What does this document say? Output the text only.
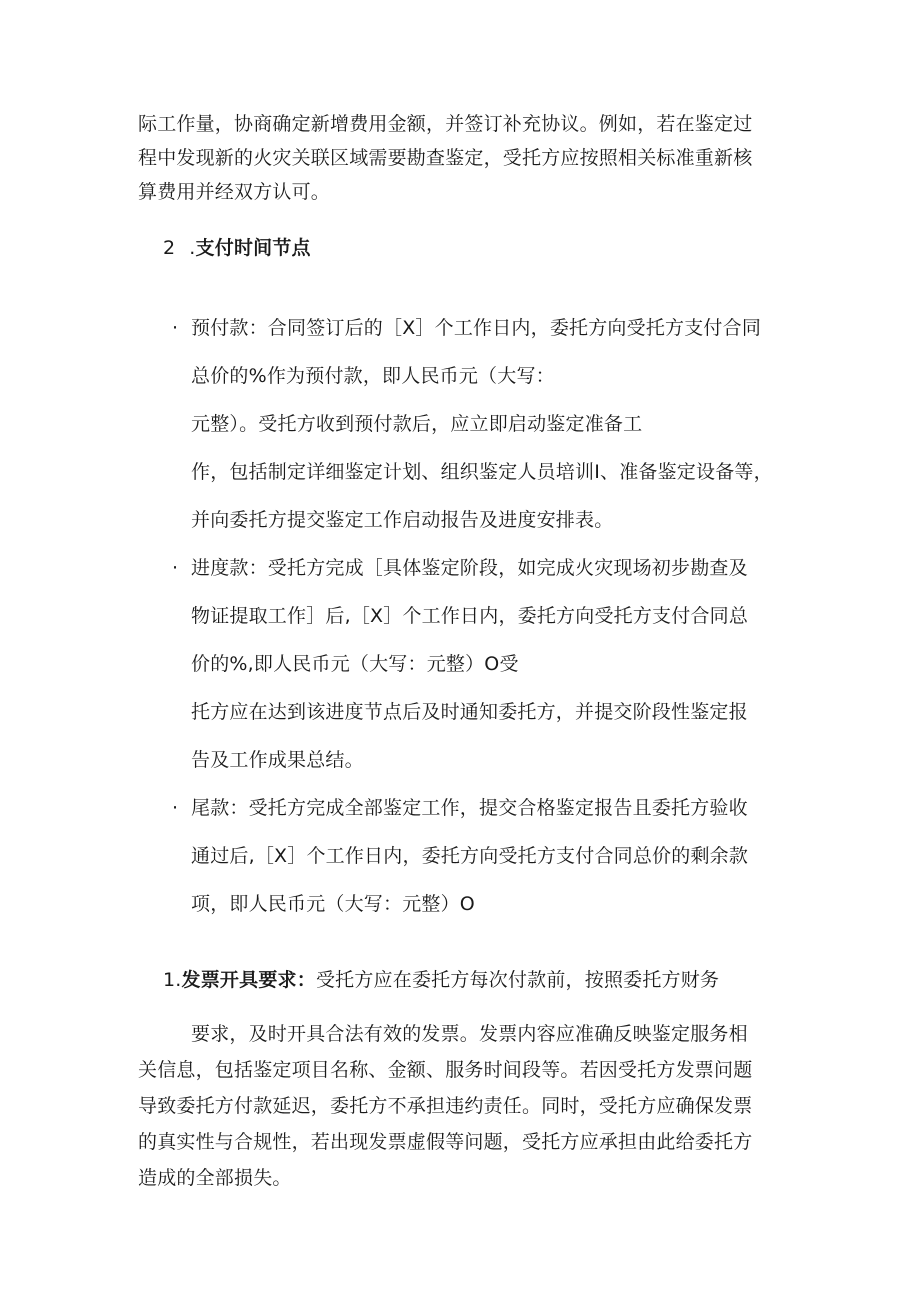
际工作量，协商确定新增费用金额，并签订补充协议。例如，若在鉴定过
程中发现新的火灾关联区域需要勘查鉴定，受托方应按照相关标准重新核
算费用并经双方认可。
2 .支付时间节点
· 预付款：合同签订后的［X］个工作日内，委托方向受托方支付合同
总价的%作为预付款，即人民币元（大写：
元整）。受托方收到预付款后，应立即启动鉴定准备工
作，包括制定详细鉴定计划、组织鉴定人员培训I、准备鉴定设备等，
并向委托方提交鉴定工作启动报告及进度安排表。
· 进度款：受托方完成［具体鉴定阶段，如完成火灾现场初步勘查及
物证提取工作］后,［X］个工作日内，委托方向受托方支付合同总
价的%,即人民币元（大写：元整）O受
托方应在达到该进度节点后及时通知委托方，并提交阶段性鉴定报
告及工作成果总结。
· 尾款：受托方完成全部鉴定工作，提交合格鉴定报告且委托方验收
通过后,［X］个工作日内，委托方向受托方支付合同总价的剩余款
项，即人民币元（大写：元整）O
1.发票开具要求：受托方应在委托方每次付款前，按照委托方财务
要求，及时开具合法有效的发票。发票内容应准确反映鉴定服务相
关信息，包括鉴定项目名称、金额、服务时间段等。若因受托方发票问题
导致委托方付款延迟，委托方不承担违约责任。同时，受托方应确保发票
的真实性与合规性，若出现发票虚假等问题，受托方应承担由此给委托方
造成的全部损失。
